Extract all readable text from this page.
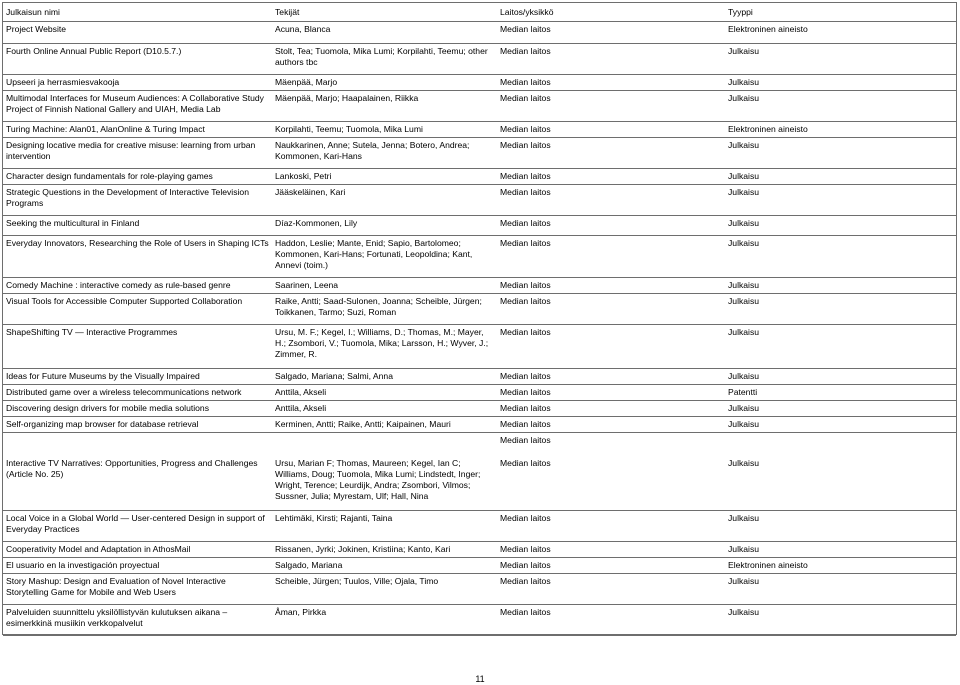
Julkaisun nimi	Tekijät	Laitos/yksikkö	Tyyppi
Project Website	Acuna, Blanca	Median laitos	Elektroninen aineisto
Fourth Online Annual Public Report (D10.5.7.)	Stolt, Tea; Tuomola, Mika Lumi; Korpilahti, Teemu; other authors tbc	Median laitos	Julkaisu
Upseeri ja herrasmiesvakooja	Mäenpää, Marjo	Median laitos	Julkaisu
Multimodal Interfaces for Museum Audiences: A Collaborative Study Project of Finnish National Gallery and UIAH, Media Lab	Mäenpää, Marjo; Haapalainen, Riikka	Median laitos	Julkaisu
Turing Machine: Alan01, AlanOnline & Turing Impact	Korpilahti, Teemu; Tuomola, Mika Lumi	Median laitos	Elektroninen aineisto
Designing locative media for creative misuse: learning from urban intervention	Naukkarinen, Anne; Sutela, Jenna; Botero, Andrea; Kommonen, Kari-Hans	Median laitos	Julkaisu
Character design fundamentals for role-playing games	Lankoski, Petri	Median laitos	Julkaisu
Strategic Questions in the Development of Interactive Television Programs	Jääskeläinen, Kari	Median laitos	Julkaisu
Seeking the multicultural in Finland	Díaz-Kommonen, Lily	Median laitos	Julkaisu
Everyday Innovators, Researching the Role of Users in Shaping ICTs	Haddon, Leslie; Mante, Enid; Sapio, Bartolomeo; Kommonen, Kari-Hans; Fortunati, Leopoldina; Kant, Annevi (toim.)	Median laitos	Julkaisu
Comedy Machine : interactive comedy as rule-based genre	Saarinen, Leena	Median laitos	Julkaisu
Visual Tools for Accessible Computer Supported Collaboration	Raike, Antti; Saad-Sulonen, Joanna; Scheible, Jürgen; Toikkanen, Tarmo; Suzi, Roman	Median laitos	Julkaisu
ShapeShifting TV — Interactive Programmes	Ursu, M. F.; Kegel, I.; Williams, D.; Thomas, M.; Mayer, H.; Zsombori, V.; Tuomola, Mika; Larsson, H.; Wyver, J.; Zimmer, R.	Median laitos	Julkaisu
Ideas for Future Museums by the Visually Impaired	Salgado, Mariana; Salmi, Anna	Median laitos	Julkaisu
Distributed game over a wireless telecommunications network	Anttila, Akseli	Median laitos	Patentti
Discovering design drivers for mobile media solutions	Anttila, Akseli	Median laitos	Julkaisu
Self-organizing map browser for database retrieval	Kerminen, Antti; Raike, Antti; Kaipainen, Mauri	Median laitos	Julkaisu
		Median laitos	
Interactive TV Narratives: Opportunities, Progress and Challenges (Article No. 25)	Ursu, Marian F; Thomas, Maureen; Kegel, Ian C; Williams, Doug; Tuomola, Mika Lumi; Lindstedt, Inger; Wright, Terence; Leurdijk, Andra; Zsombori, Vilmos; Sussner, Julia; Myrestam, Ulf; Hall, Nina	Median laitos	Julkaisu
Local Voice in a Global World — User-centered Design in support of Everyday Practices	Lehtimäki, Kirsti; Rajanti, Taina	Median laitos	Julkaisu
Cooperativity Model and Adaptation in AthosMail	Rissanen, Jyrki; Jokinen, Kristiina; Kanto, Kari	Median laitos	Julkaisu
El usuario en la investigación proyectual	Salgado, Mariana	Median laitos	Elektroninen aineisto
Story Mashup: Design and Evaluation of Novel Interactive Storytelling Game for Mobile and Web Users	Scheible, Jürgen; Tuulos, Ville; Ojala, Timo	Median laitos	Julkaisu
Palveluiden suunnittelu yksilöllistyvän kulutuksen aikana – esimerkkinä musiikin verkkopalvelut	Åman, Pirkka	Median laitos	Julkaisu
11
